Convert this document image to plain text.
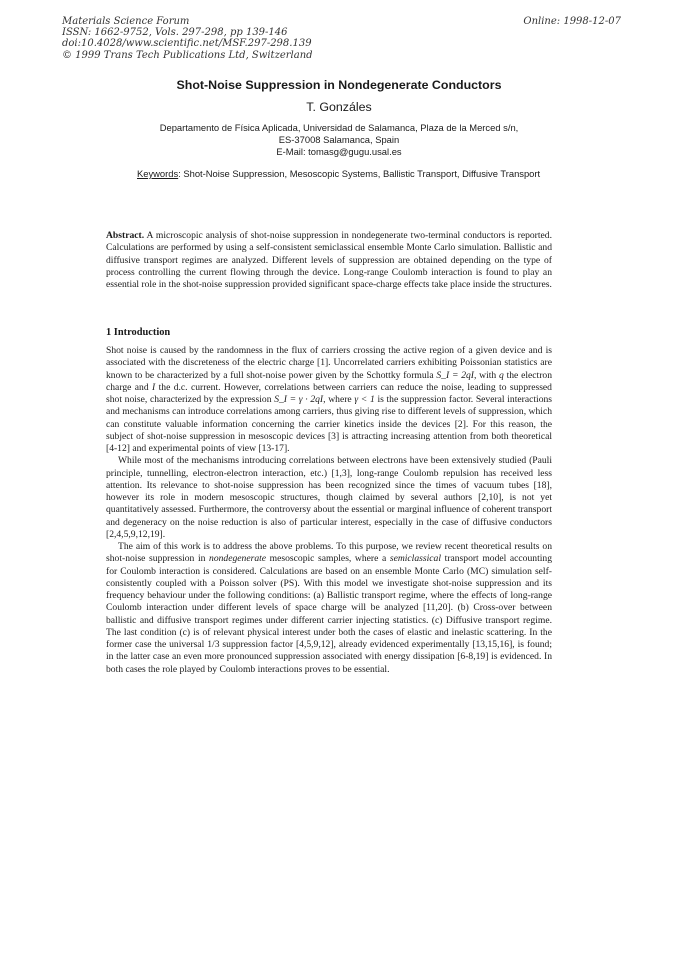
Materials Science Forum
ISSN: 1662-9752, Vols. 297-298, pp 139-146
doi:10.4028/www.scientific.net/MSF.297-298.139
© 1999 Trans Tech Publications Ltd, Switzerland
Online: 1998-12-07
Shot-Noise Suppression in Nondegenerate Conductors
T. Gonzáles
Departamento de Física Aplicada, Universidad de Salamanca, Plaza de la Merced s/n,
ES-37008 Salamanca, Spain
E-Mail: tomasg@gugu.usal.es
Keywords: Shot-Noise Suppression, Mesoscopic Systems, Ballistic Transport, Diffusive Transport
Abstract. A microscopic analysis of shot-noise suppression in nondegenerate two-terminal conductors is reported. Calculations are performed by using a self-consistent semiclassical ensemble Monte Carlo simulation. Ballistic and diffusive transport regimes are analyzed. Different levels of suppression are obtained depending on the type of process controlling the current flowing through the device. Long-range Coulomb interaction is found to play an essential role in the shot-noise suppression provided significant space-charge effects take place inside the structures.
1 Introduction

Shot noise is caused by the randomness in the flux of carriers crossing the active region of a given device and is associated with the discreteness of the electric charge [1]. Uncorrelated carriers exhibiting Poissonian statistics are known to be characterized by a full shot-noise power given by the Schottky formula S_I = 2qI, with q the electron charge and I the d.c. current. However, correlations between carriers can reduce the noise, leading to suppressed shot noise, characterized by the expression S_I = γ · 2qI, where γ < 1 is the suppression factor. Several interactions and mechanisms can introduce correlations among carriers, thus giving rise to different levels of suppression, which can constitute valuable information concerning the carrier kinetics inside the devices [2]. For this reason, the subject of shot-noise suppression in mesoscopic devices [3] is attracting increasing attention from both theoretical [4-12] and experimental points of view [13-17].

While most of the mechanisms introducing correlations between electrons have been extensively studied (Pauli principle, tunnelling, electron-electron interaction, etc.) [1,3], long-range Coulomb repulsion has received less attention. Its relevance to shot-noise suppression has been recognized since the times of vacuum tubes [18], however its role in modern mesoscopic structures, though claimed by several authors [2,10], is not yet quantitatively assessed. Furthermore, the controversy about the essential or marginal influence of coherent transport and degeneracy on the noise reduction is also of particular interest, especially in the case of diffusive conductors [2,4,5,9,12,19].

The aim of this work is to address the above problems. To this purpose, we review recent theoretical results on shot-noise suppression in nondegenerate mesoscopic samples, where a semiclassical transport model accounting for Coulomb interaction is considered. Calculations are based on an ensemble Monte Carlo (MC) simulation self-consistently coupled with a Poisson solver (PS). With this model we investigate shot-noise suppression and its frequency behaviour under the following conditions: (a) Ballistic transport regime, where the effects of long-range Coulomb interaction under different levels of space charge will be analyzed [11,20]. (b) Cross-over between ballistic and diffusive transport regimes under different carrier injecting statistics. (c) Diffusive transport regime. The last condition (c) is of relevant physical interest under both the cases of elastic and inelastic scattering. In the former case the universal 1/3 suppression factor [4,5,9,12], already evidenced experimentally [13,15,16], is found; in the latter case an even more pronounced suppression associated with energy dissipation [6-8,19] is evidenced. In both cases the role played by Coulomb interactions proves to be essential.
